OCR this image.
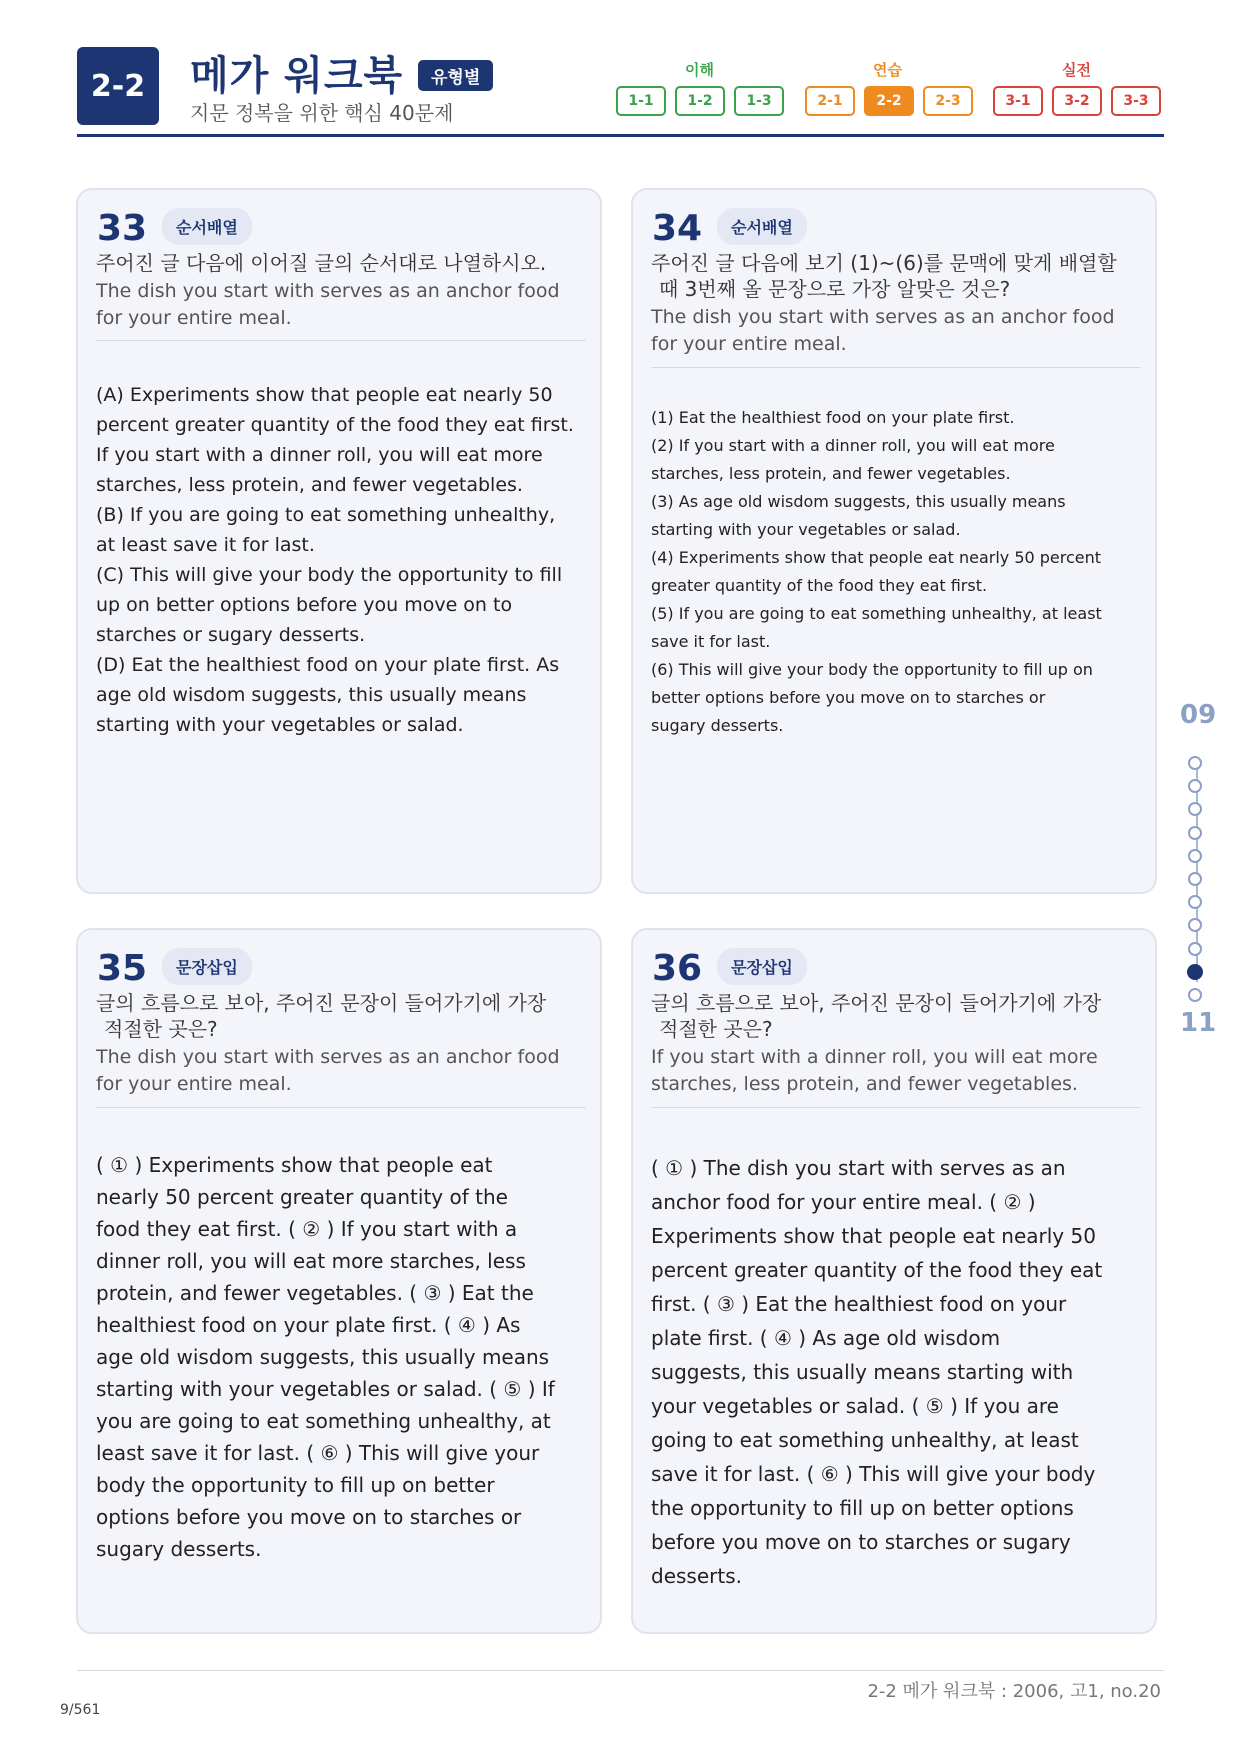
2-2	메가 워크북	유형별
지문 정복을 위한 핵심 40문제
이해	연습	실전
1-1	1-2	1-3	2-1	2-2	2-3	3-1	3-2	3-3
33	순서배열
주어진 글 다음에 이어질 글의 순서대로 나열하시오.
The dish you start with serves as an anchor food
for your entire meal.
(A) Experiments show that people eat nearly 50
percent greater quantity of the food they eat first.
If you start with a dinner roll, you will eat more
starches, less protein, and fewer vegetables.
(B) If you are going to eat something unhealthy,
at least save it for last.
(C) This will give your body the opportunity to fill
up on better options before you move on to
starches or sugary desserts.
(D) Eat the healthiest food on your plate first. As
age old wisdom suggests, this usually means
starting with your vegetables or salad.
34	순서배열
주어진 글 다음에 보기 (1)~(6)를 문맥에 맞게 배열할
때 3번째 올 문장으로 가장 알맞은 것은?
The dish you start with serves as an anchor food
for your entire meal.
(1) Eat the healthiest food on your plate first.
(2) If you start with a dinner roll, you will eat more
starches, less protein, and fewer vegetables.
(3) As age old wisdom suggests, this usually means
starting with your vegetables or salad.
(4) Experiments show that people eat nearly 50 percent
greater quantity of the food they eat first.
(5) If you are going to eat something unhealthy, at least
save it for last.
(6) This will give your body the opportunity to fill up on
better options before you move on to starches or
sugary desserts.
35	문장삽입
글의 흐름으로 보아, 주어진 문장이 들어가기에 가장
적절한 곳은?
The dish you start with serves as an anchor food
for your entire meal.
( ① ) Experiments show that people eat
nearly 50 percent greater quantity of the
food they eat first. ( ② ) If you start with a
dinner roll, you will eat more starches, less
protein, and fewer vegetables. ( ③ ) Eat the
healthiest food on your plate first. ( ④ ) As
age old wisdom suggests, this usually means
starting with your vegetables or salad. ( ⑤ ) If
you are going to eat something unhealthy, at
least save it for last. ( ⑥ ) This will give your
body the opportunity to fill up on better
options before you move on to starches or
sugary desserts.
36	문장삽입
글의 흐름으로 보아, 주어진 문장이 들어가기에 가장
적절한 곳은?
If you start with a dinner roll, you will eat more
starches, less protein, and fewer vegetables.
( ① ) The dish you start with serves as an
anchor food for your entire meal. ( ② )
Experiments show that people eat nearly 50
percent greater quantity of the food they eat
first. ( ③ ) Eat the healthiest food on your
plate first. ( ④ ) As age old wisdom
suggests, this usually means starting with
your vegetables or salad. ( ⑤ ) If you are
going to eat something unhealthy, at least
save it for last. ( ⑥ ) This will give your body
the opportunity to fill up on better options
before you move on to starches or sugary
desserts.
09
11
2-2 메가 워크북 : 2006, 고1, no.20
9/561
